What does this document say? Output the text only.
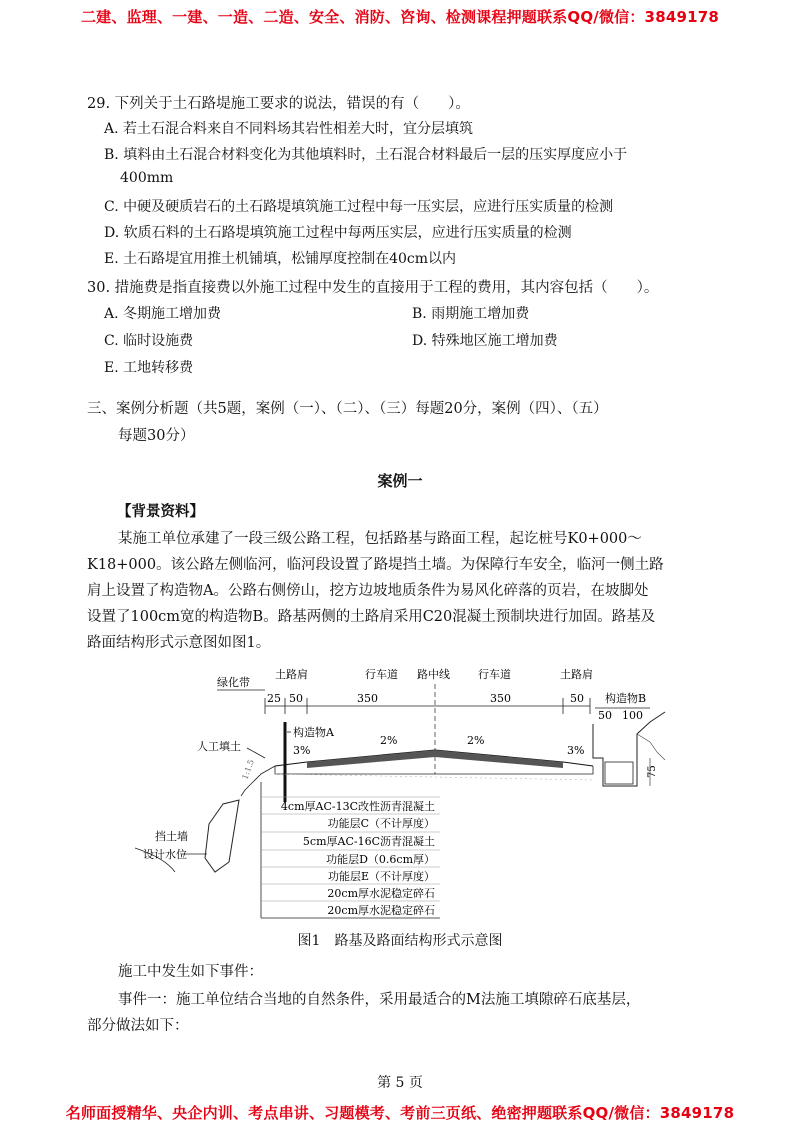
二建、监理、一建、一造、二造、安全、消防、咨询、检测课程押题联系QQ/微信：3849178
29. 下列关于土石路堤施工要求的说法，错误的有（　　）。
A. 若土石混合料来自不同料场其岩性相差大时，宜分层填筑
B. 填料由土石混合材料变化为其他填料时，土石混合材料最后一层的压实厚度应小于
400mm
C. 中硬及硬质岩石的土石路堤填筑施工过程中每一压实层，应进行压实质量的检测
D. 软质石料的土石路堤填筑施工过程中每两压实层，应进行压实质量的检测
E. 土石路堤宜用推土机铺填，松铺厚度控制在40cm以内
30. 措施费是指直接费以外施工过程中发生的直接用于工程的费用，其内容包括（　　）。
A. 冬期施工增加费	B. 雨期施工增加费
C. 临时设施费	D. 特殊地区施工增加费
E. 工地转移费
三、案例分析题（共5题，案例（一）、（二）、（三）每题20分，案例（四）、（五）
每题30分）
案例一
【背景资料】
某施工单位承建了一段三级公路工程，包括路基与路面工程，起讫桩号K0+000～
K18+000。该公路左侧临河，临河段设置了路堤挡土墙。为保障行车安全，临河一侧土路
肩上设置了构造物A。公路右侧傍山，挖方边坡地质条件为易风化碎落的页岩，在坡脚处
设置了100cm宽的构造物B。路基两侧的土路肩采用C20混凝土预制块进行加固。路基及
路面结构形式示意图如图1。
绿化带
土路肩	行车道 路中线	行车道	土路肩
25 50	350	350	50 构造物B
50 100
75
构造物A
3%
2%	2%
3%
人工填土
1:1.5
挡土墙
设计水位
4cm厚AC-13C改性沥青混凝土
功能层C（不计厚度）
5cm厚AC-16C沥青混凝土
功能层D（0.6cm厚）
功能层E（不计厚度）
20cm厚水泥稳定碎石
20cm厚水泥稳定碎石
图1　路基及路面结构形式示意图
施工中发生如下事件：
事件一：施工单位结合当地的自然条件，采用最适合的M法施工填隙碎石底基层，
部分做法如下：
第 5 页
名师面授精华、央企内训、考点串讲、习题模考、考前三页纸、绝密押题联系QQ/微信：3849178
